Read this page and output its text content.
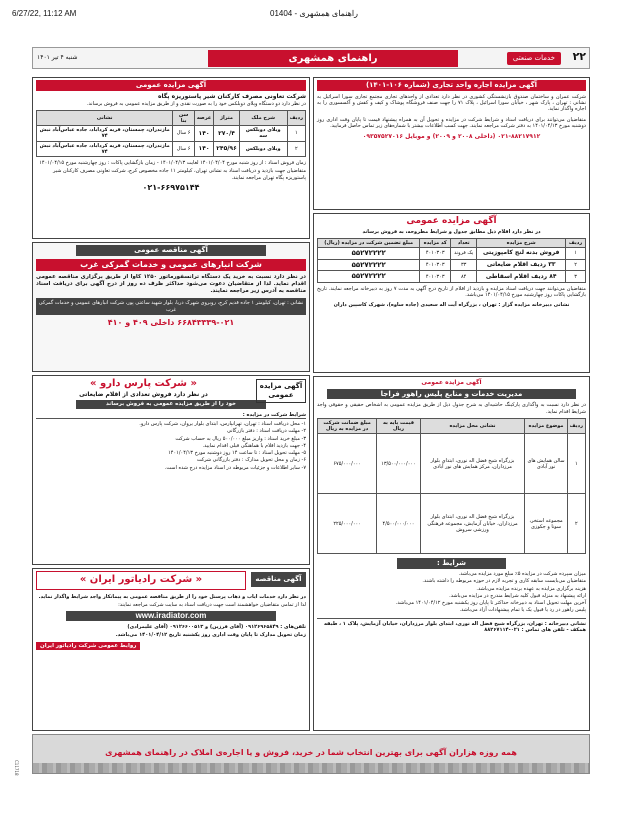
6/27/22, 11:12 AM	راهنمای همشهری - 01404
شنبه ۴ تیر ۱۴۰۱	راهنمای همشهری	خدمات صنعتی	۲۲
آگهی مزایده اجاره واحد تجاری (شماره ۱۰۶-۱۴۰۱)

شرکت عمران و ساختمان صندوق بازنشستگی کشوری در نظر دارد تعدادی از واحدهای تجاری مجتمع تجاری سورا اسرائیل به نشانی : تهران ، پارک شهر ، خیابان سورا اسرائیل ، پلاک ۷۱ را جهت صنف فروشگاه پوشاک و کیف و کفش و آکسسوری را به اجاره واگذار نماید.

متقاضیان می‌توانند برای دریافت اسناد و شرایط شرکت در مزایده و تحویل آن به همراه پیشنهاد قیمت تا پایان وقت اداری روز دوشنبه مورخ ۱۴۰۱/۰۴/۱۳ به دفتر شرکت مراجعه نمایند. جهت کسب اطلاعات بیشتر با شماره‌های زیر تماس حاصل فرمایید.

۰۲۱-۸۸۲۱۷۹۱۲ (داخلی ۲۰۰۸ و ۲۰۰۹) و موبایل ۰۹۳۵۷۵۲۷۰۱۶

آگهی مزایده عمومی
در نظر دارد اقلام ذیل مطابق جدول و شرایط مطروحه، به فروش برساند
ردیف	شرح مزایده	تعداد	کد مزایده	مبلغ تضمین شرکت در مزایده (ریال)
۱	فروش بدنه لنج کامپوزیتی	یک فروند	۴۰۱۰۳۰۳	۵۵۲۷۲۲۲۲
۲	۳۳ ردیف اقلام ضایعاتی	۳۳	۴۰۱۰۳۰۳	۵۵۲۷۲۲۲۲
۳	۸۴ ردیف اقلام اسقاطی	۸۴	۴۰۱۰۳۰۳	۵۵۲۷۲۲۲۲

متقاضیان می‌توانند جهت دریافت اسناد مزایده و بازدید از اقلام از تاریخ درج آگهی به مدت ۷ روز به دبیرخانه مراجعه نمایند. تاریخ بازگشایی پاکات روز چهارشنبه مورخ ۱۴۰۱/۰۴/۱۵ می‌باشد.

نشانی دبیرخانه مزایده گزار : تهران ، بزرگراه آیت اله سعیدی (جاده ساوه)، شهرک کاسپین داران

آگهی مزایده عمومی
مدیریت خدمات و منابع پلیس راهور فراجا

در نظر دارد نسبت به واگذاری پارکینگ حاشیه‌ای به شرح جدول ذیل از طریق مزایده عمومی به اشخاص حقیقی و حقوقی واجد شرایط اقدام نماید.

ردیف	موضوع مزایده	نشانی محل مزایده	قیمت پایه به ریال	مبلغ ضمانت شرکت در مزایده به ریال
۱	سالن همایش های نور آبادی	بزرگراه شیخ فضل اله نوری، ابتدای بلوار مرزداران، مرکز همایش های نور آبادی	۱۳/۵۰۰/۰۰۰/۰۰۰	۶۷۵/۰۰۰/۰۰۰
۲	مجموعه استخر، سونا و جکوزی	بزرگراه شیخ فضل اله نوری، ابتدای بلوار مرزداران، خیابان آزمایش، مجموعه فرهنگی ورزشی سروش	۴/۵۰۰/۰۰۰/۰۰۰	۲۲۵/۰۰۰/۰۰۰
شرایط :

میزان سپرده شرکت در مزایده ۵٪ مبلغ مورد مزایده می‌باشد.

متقاضیان می‌بایست سابقه کاری و تجربه لازم در حوزه مربوطه را داشته باشند.

هزینه برگزاری مزایده به عهده برنده مزایده می‌باشد.

ارائه پیشنهاد به منزله قبول کلیه شرایط مندرج در مزایده می‌باشد.

آخرین مهلت تحویل اسناد به دبیرخانه حداکثر تا پایان روز یکشنبه مورخ ۱۴۰۱/۰۴/۱۲ می‌باشد.

پلیس راهور در رد یا قبول یک یا تمام پیشنهادات آزاد می‌باشد.

نشانی دبیرخانه : تهران، بزرگراه شیخ فضل اله نوری، ابتدای بلوار مرزداران، خیابان آزمایش، پلاک ۱ ، طبقه همکف - تلفن های تماس : ۰۲۱-۸۸۲۶۷۱۱۴

آگهی مزایده عمومی
شرکت تعاونی مصرف کارکنان شیر پاستوریزه پگاه

در نظر دارد دو دستگاه ویلای دوبلکس خود را به صورت نقدی و از طریق مزایده عمومی به فروش برساند.

ردیف	شرح ملک	متراژ	عرصه	سن بنا	نشانی
۱	ویلای دوبلکس سه	۲۷۰/۴	۱۴۰	۶ سال	مازندران، چمستان، قریه کرداباد، جاده عباس‌آباد نبش ۷۴
۲	ویلای دوبلکس	۲۴۵/۹۶	۱۴۰	۶ سال	مازندران، چمستان، قریه کرداباد، جاده عباس‌آباد نبش ۷۴

زمان فروش اسناد : از روز شنبه مورخ ۱۴۰۱/۰۴/۰۴ لغایت ۱۴۰۱/۰۴/۱۳ - زمان بازگشایی پاکات : روز چهارشنبه مورخ ۱۴۰۱/۰۴/۱۵

متقاضیان جهت بازدید و دریافت اسناد به نشانی تهران، کیلومتر ۱۱ جاده مخصوص کرج، شرکت تعاونی مصرف کارکنان شیر پاستوریزه پگاه تهران مراجعه نمایند.

۰۲۱-۶۶۹۷۵۱۴۴
آگهی مناقصه عمومی
شرکت انبارهای عمومی و خدمات گمرکی غرب

در نظر دارد نسبت به خرید یک دستگاه ترانسفورماتور ۱۲۵۰ کاوا از طریق برگزاری مناقصه عمومی اقدام نماید. لذا از متقاضیان دعوت می‌شود حداکثر ظرف ده روز از درج آگهی برای دریافت اسناد مناقصه به آدرس زیر مراجعه نمایند.

نشانی : تهران، کیلومتر ۱ جاده قدیم کرج، روبروی شهرک دریا، بلوار شهید ساعتی پور، شرکت انبارهای عمومی و خدمات گمرکی غرب

۶۶۸۴۳۳۳۹-۰۲۱ داخلی ۴۰۹ و ۴۱۰
آگهی مزایده عمومی
« شرکت پارس دارو »
در نظر دارد فروش تعدادی از اقلام ضایعاتی
خود را از طریق مزایده عمومی به فروش برساند
شرایط شرکت در مزایده :

۱- محل دریافت اسناد : تهران، تهرانپارس، ابتدای بلوار یروان، شرکت پارس دارو.

۲- مهلت دریافت اسناد : دفتر بازرگانی

۳- مبلغ خرید اسناد : واریز مبلغ ۵۰۰/۰۰۰ ریال به حساب شرکت

۴- جهت بازدید اقلام با هماهنگی قبلی اقدام نمایید.

۵- مهلت تحویل اسناد : تا ساعت ۱۴ روز دوشنبه مورخ ۱۴۰۱/۰۴/۱۳

۶- زمان و محل تحویل مدارک : دفتر بازرگانی شرکت

۷- سایر اطلاعات و جزئیات مربوطه در اسناد مزایده درج شده است.

آگهی مناقصه
« شرکت رادیاتور ایران »

در نظر دارد خدمات ایاب و ذهاب پرسنل خود را از طریق مناقصه عمومی به پیمانکار واجد شرایط واگذار نماید.

لذا از تمامی متقاضیان خواهشمند است جهت دریافت اسناد به سایت شرکت مراجعه نمایند:

www.iradiator.com

تلفن‌های : ۰۹۱۲۶۹۶۵۸۴۹ (آقای فرزین) و ۰۹۱۲۶۶۰۰۵۱۳ (آقای علیمرادی)

زمان تحویل مدارک تا پایان وقت اداری روز یکشنبه تاریخ ۱۴۰۱/۰۴/۱۲ می‌باشد.

روابط عمومی شرکت رادیاتور ایران
همه روزه هزاران آگهی برای بهترین انتخاب شما در خرید، فروش و یا اجاره‌ی املاک در راهنمای همشهری
C11718
